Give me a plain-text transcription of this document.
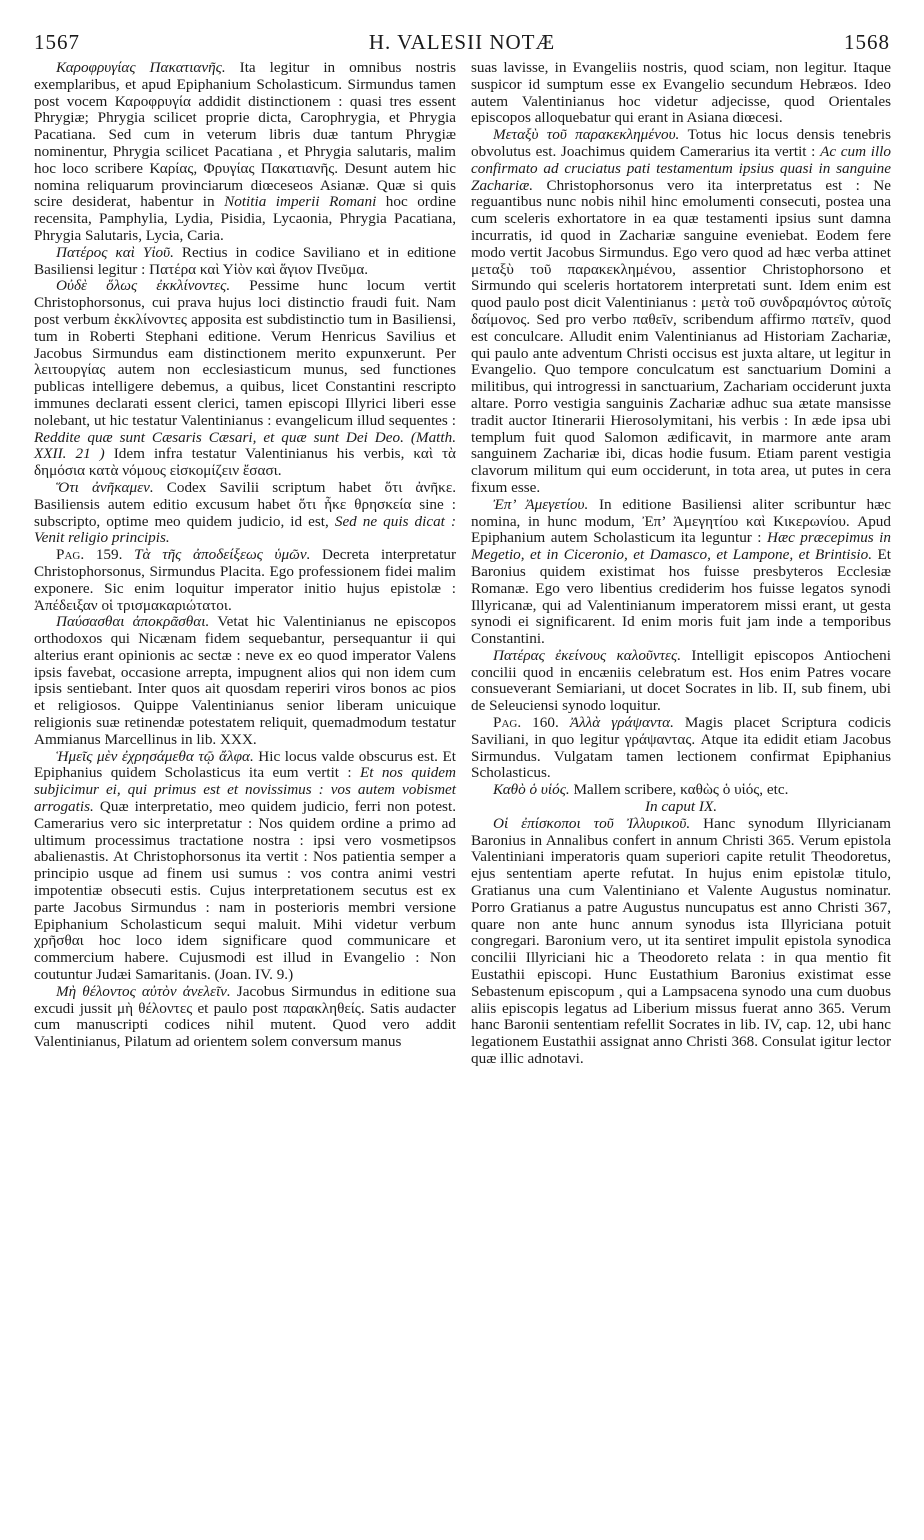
1567	H. VALESII NOTÆ	1568

Καροφρυγίας Πακατιανῆς. Ita legitur in omnibus nostris exemplaribus, et apud Epiphanium Scholasticum. Sirmundus tamen post vocem Καροφρυγία addidit distinctionem : quasi tres essent Phrygiæ; Phrygia scilicet proprie dicta, Carophrygia, et Phrygia Pacatiana. Sed cum in veterum libris duæ tantum Phrygiæ nominentur, Phrygia scilicet Pacatiana , et Phrygia salutaris, malim hoc loco scribere Καρίας, Φρυγίας Πακατιανῆς. Desunt autem hic nomina reliquarum provinciarum diœceseos Asianæ. Quæ si quis scire desiderat, habentur in Notitia imperii Romani hoc ordine recensita, Pamphylia, Lydia, Pisidia, Lycaonia, Phrygia Pacatiana, Phrygia Salutaris, Lycia, Caria.

Πατέρος καὶ Υἱοῦ. Rectius in codice Saviliano et in editione Basiliensi legitur : Πατέρα καὶ Υἱὸν καὶ ἅγιον Πνεῦμα.

Οὐδὲ ὅλως ἐκκλίνοντες. Pessime hunc locum vertit Christophorsonus, cui prava hujus loci distinctio fraudi fuit. Nam post verbum ἐκκλίνοντες apposita est subdistinctio tum in Basiliensi, tum in Roberti Stephani editione. Verum Henricus Savilius et Jacobus Sirmundus eam distinctionem merito expunxerunt. Per λειτουργίας autem non ecclesiasticum munus, sed functiones publicas intelligere debemus, a quibus, licet Constantini rescripto immunes declarati essent clerici, tamen episcopi Illyrici liberi esse nolebant, ut hic testatur Valentinianus : evangelicum illud sequentes : Reddite quæ sunt Cæsaris Cæsari, et quæ sunt Dei Deo. (Matth. XXII. 21 ) Idem infra testatur Valentinianus his verbis, καὶ τὰ δημόσια κατὰ νόμους εἰσκομίζειν ἔσασι.

Ὅτι ἀνῆκαμεν. Codex Savilii scriptum habet ὅτι ἀνῆκε. Basiliensis autem editio excusum habet ὅτι ἧκε θρησκεία sine : subscripto, optime meo quidem judicio, id est, Sed ne quis dicat : Venit religio principis.

Pag. 159. Τὰ τῆς ἀποδείξεως ὑμῶν. Decreta interpretatur Christophorsonus, Sirmundus Placita. Ego professionem fidei malim exponere. Sic enim loquitur imperator initio hujus epistolæ : Ἀπέδειξαν οἱ τρισμακαριώτατοι.

Παύσασθαι ἀποκρᾶσθαι. Vetat hic Valentinianus ne episcopos orthodoxos qui Nicænam fidem sequebantur, persequantur ii qui alterius erant opinionis ac sectæ : neve ex eo quod imperator Valens ipsis favebat, occasione arrepta, impugnent alios qui non idem cum ipsis sentiebant. Inter quos ait quosdam reperiri viros bonos ac pios et religiosos. Quippe Valentinianus senior liberam unicuique religionis suæ retinendæ potestatem reliquit, quemadmodum testatur Ammianus Marcellinus in lib. XXX.

Ἡμεῖς μὲν ἐχρησάμεθα τῷ ἄλφα. Hic locus valde obscurus est. Et Epiphanius quidem Scholasticus ita eum vertit : Et nos quidem subjicimur ei, qui primus est et novissimus : vos autem vobismet arrogatis. Quæ interpretatio, meo quidem judicio, ferri non potest. Camerarius vero sic interpretatur : Nos quidem ordine a primo ad ultimum processimus tractatione nostra : ipsi vero vosmetipsos abalienastis. At Christophorsonus ita vertit : Nos patientia semper a principio usque ad finem usi sumus : vos contra animi vestri impotentiæ obsecuti estis. Cujus interpretationem secutus est ex parte Jacobus Sirmundus : nam in posterioris membri versione Epiphanium Scholasticum sequi maluit. Mihi videtur verbum χρῆσθαι hoc loco idem significare quod communicare et commercium habere. Cujusmodi est illud in Evangelio : Non coutuntur Judæi Samaritanis. (Joan. IV. 9.)

Μὴ θέλοντος αὐτὸν ἀνελεῖν. Jacobus Sirmundus in editione sua excudi jussit μὴ θέλοντες et paulo post παρακληθείς. Satis audacter cum manuscripti codices nihil mutent. Quod vero addit Valentinianus, Pilatum ad orientem solem conversum manus

suas lavisse, in Evangeliis nostris, quod sciam, non legitur. Itaque suspicor id sumptum esse ex Evangelio secundum Hebræos. Ideo autem Valentinianus hoc videtur adjecisse, quod Orientales episcopos alloquebatur qui erant in Asiana diœcesi.

Μεταξὺ τοῦ παρακεκλημένου. Totus hic locus densis tenebris obvolutus est. Joachimus quidem Camerarius ita vertit : Ac cum illo confirmato ad cruciatus pati testamentum ipsius quasi in sanguine Zachariæ. Christophorsonus vero ita interpretatus est : Ne reguantibus nunc nobis nihil hinc emolumenti consecuti, postea una cum sceleris exhortatore in ea quæ testamenti ipsius sunt damna incurratis, id quod in Zachariæ sanguine eveniebat. Eodem fere modo vertit Jacobus Sirmundus. Ego vero quod ad hæc verba attinet μεταξὺ τοῦ παρακεκλημένου, assentior Christophorsono et Sirmundo qui sceleris hortatorem interpretati sunt. Idem enim est quod paulo post dicit Valentinianus : μετὰ τοῦ συνδραμόντος αὐτοῖς δαίμονος. Sed pro verbo παθεῖν, scribendum affirmo πατεῖν, quod est conculcare. Alludit enim Valentinianus ad Historiam Zachariæ, qui paulo ante adventum Christi occisus est juxta altare, ut legitur in Evangelio. Quo tempore conculcatum est sanctuarium Domini a militibus, qui introgressi in sanctuarium, Zachariam occiderunt juxta altare. Porro vestigia sanguinis Zachariæ adhuc sua ætate mansisse tradit auctor Itinerarii Hierosolymitani, his verbis : In æde ipsa ubi templum fuit quod Salomon ædificavit, in marmore ante aram sanguinem Zachariæ ibi, dicas hodie fusum. Etiam parent vestigia clavorum militum qui eum occiderunt, in tota area, ut putes in cera fixum esse.

Ἐπ’ Ἀμεγετίου. In editione Basiliensi aliter scribuntur hæc nomina, in hunc modum, Ἐπ’ Ἀμεγητίου καὶ Κικερωνίου. Apud Epiphanium autem Scholasticum ita leguntur : Hæc præcepimus in Megetio, et in Ciceronio, et Damasco, et Lampone, et Brintisio. Et Baronius quidem existimat hos fuisse presbyteros Ecclesiæ Romanæ. Ego vero libentius crediderim hos fuisse legatos synodi Illyricanæ, qui ad Valentinianum imperatorem missi erant, ut gesta synodi ei significarent. Id enim moris fuit jam inde a temporibus Constantini.

Πατέρας ἐκείνους καλοῦντες. Intelligit episcopos Antiocheni concilii quod in encæniis celebratum est. Hos enim Patres vocare consueverant Semiariani, ut docet Socrates in lib. II, sub finem, ubi de Seleuciensi synodo loquitur.

Pag. 160. Ἀλλὰ γράψαντα. Magis placet Scriptura codicis Saviliani, in quo legitur γράψαντας. Atque ita edidit etiam Jacobus Sirmundus. Vulgatam tamen lectionem confirmat Epiphanius Scholasticus.

Καθὸ ὁ υἱός. Mallem scribere, καθὼς ὁ υἱός, etc.

In caput IX.

Οἱ ἐπίσκοποι τοῦ Ἰλλυρικοῦ. Hanc synodum Illyricianam Baronius in Annalibus confert in annum Christi 365. Verum epistola Valentiniani imperatoris quam superiori capite retulit Theodoretus, ejus sententiam aperte refutat. In hujus enim epistolæ titulo, Gratianus una cum Valentiniano et Valente Augustus nominatur. Porro Gratianus a patre Augustus nuncupatus est anno Christi 367, quare non ante hunc annum synodus ista Illyriciana potuit congregari. Baronium vero, ut ita sentiret impulit epistola synodica concilii Illyriciani hic a Theodoreto relata : in qua mentio fit Eustathii episcopi. Hunc Eustathium Baronius existimat esse Sebastenum episcopum , qui a Lampsacena synodo una cum duobus aliis episcopis legatus ad Liberium missus fuerat anno 365. Verum hanc Baronii sententiam refellit Socrates in lib. IV, cap. 12, ubi hanc legationem Eustathii assignat anno Christi 368. Consulat igitur lector quæ illic adnotavi.
